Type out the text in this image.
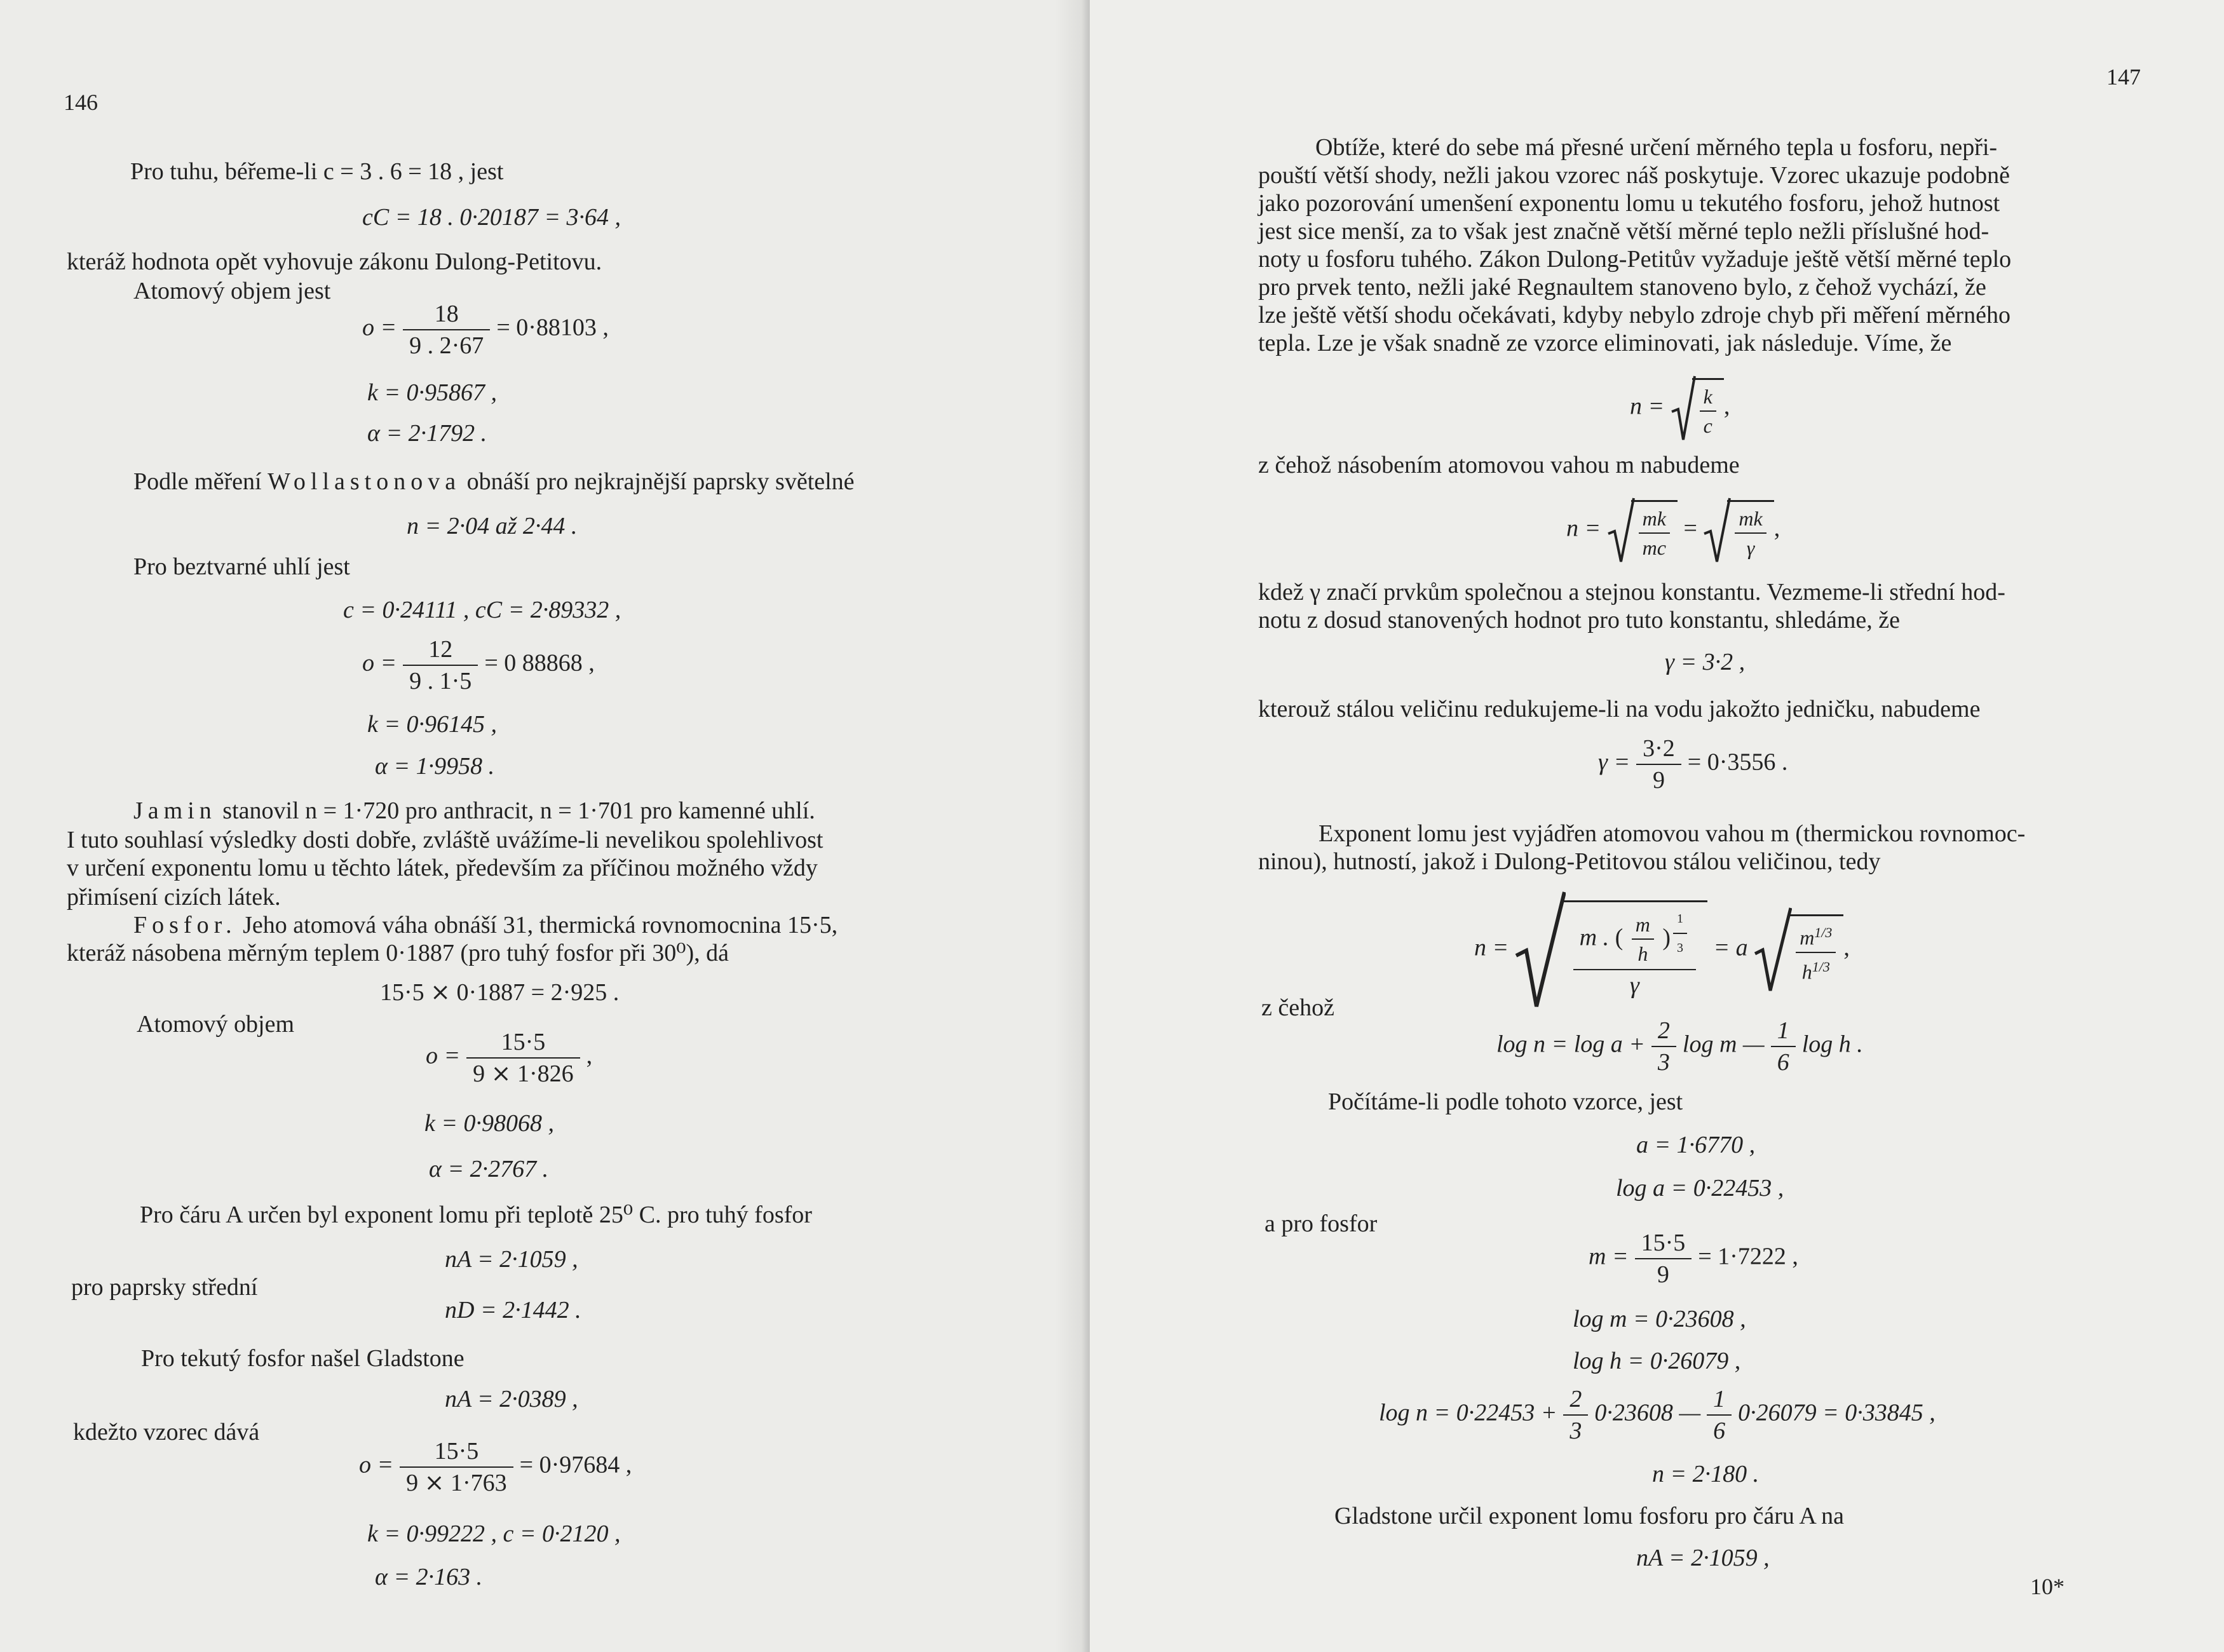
146
Pro tuhu, béřeme-li c = 3 . 6 = 18 , jest
cC = 18 . 0·20187 = 3·64 ,
kteráž hodnota opět vyhovuje zákonu Dulong-Petitovu.
Atomový objem jest
$o = \frac{18}{9 . 2\cdot 67} = 0\cdot 88103$ ,
k = 0·95867 ,
α = 2·1792 .
Podle měření Wollastonova obnáší pro nejkrajnější paprsky světelné
n = 2·04 až 2·44 .
Pro beztvarné uhlí jest
c = 0·24111 , cC = 2·89332 ,
$o = \frac{12}{9 . 1\cdot 5} = 0$ 88868 ,
k = 0·96145 ,
α = 1·9958 .
Jamin stanovil n = 1·720 pro anthracit, n = 1·701 pro kamenné uhlí.
I tuto souhlasí výsledky dosti dobře, zvláště uvážíme-li nevelikou spolehlivost
v určení exponentu lomu u těchto látek, především za příčinou možného vždy
přimísení cizích látek.
Fosfor. Jeho atomová váha obnáší 31, thermická rovnomocnina 15·5,
kteráž násobena měrným teplem 0·1887 (pro tuhý fosfor při 30⁰), dá
15·5 ⨯ 0·1887 = 2·925 .
Atomový objem
$o = \frac{15\cdot 5}{9 ⨯ 1\cdot 826}$ ,
k = 0·98068 ,
α = 2·2767 .
Pro čáru A určen byl exponent lomu při teplotě 25⁰ C. pro tuhý fosfor
nA = 2·1059 ,
pro paprsky střední
nD = 2·1442 .
Pro tekutý fosfor našel Gladstone
nA = 2·0389 ,
kdežto vzorec dává
$o = \frac{15\cdot 5}{9 ⨯ 1\cdot 763} = 0\cdot 97684$ ,
k = 0·99222 , c = 0·2120 ,
α = 2·163 .
147
Obtíže, které do sebe má přesné určení měrného tepla u fosforu, nepři-
pouští větší shody, nežli jakou vzorec náš poskytuje. Vzorec ukazuje podobně
jako pozorování umenšení exponentu lomu u tekutého fosforu, jehož hutnost
jest sice menší, za to však jest značně větší měrné teplo nežli příslušné hod-
noty u fosforu tuhého. Zákon Dulong-Petitův vyžaduje ještě větší měrné teplo
pro prvek tento, nežli jaké Regnaultem stanoveno bylo, z čehož vychází, že
lze ještě větší shodu očekávati, kdyby nebylo zdroje chyb při měření měrného
tepla. Lze je však snadně ze vzorce eliminovati, jak následuje. Víme, že
$n = \frac{k}{c}$ ,
z čehož násobením atomovou vahou m nabudeme
$n = \frac{mk}{mc} = \frac{mk}{\gamma}$ ,
kdež γ značí prvkům společnou a stejnou konstantu. Vezmeme-li střední hod-
notu z dosud stanovených hodnot pro tuto konstantu, shledáme, že
γ = 3·2 ,
kterouž stálou veličinu redukujeme-li na vodu jakožto jedničku, nabudeme
$\gamma = \frac{3\cdot 2}{9} = 0\cdot 3556$ .
Exponent lomu jest vyjádřen atomovou vahou m (thermickou rovnomoc-
ninou), hutností, jakož i Dulong-Petitovou stálou veličinou, tedy
n =	m . ( $\frac{m}{h}$ ) $^{\frac{1}{3}}$
γ = a $\frac{m^{1/3}}{h^{1/3}}$ ,
z čehož
$\log n = \log a + \frac{2}{3}$ log m — $\frac{1}{6}$ log h .
Počítáme-li podle tohoto vzorce, jest
a = 1·6770 ,
log a = 0·22453 ,
a pro fosfor
$m = \frac{15\cdot 5}{9} = 1\cdot 7222$ ,
log m = 0·23608 ,
log h = 0·26079 ,
$\log n = 0\cdot 22453 + \frac{2}{3} 0\cdot 23608$ — $\frac{1}{6} 0\cdot 26079 = 0\cdot 33845$ ,
n = 2·180 .
Gladstone určil exponent lomu fosforu pro čáru A na
nA = 2·1059 ,
10*
